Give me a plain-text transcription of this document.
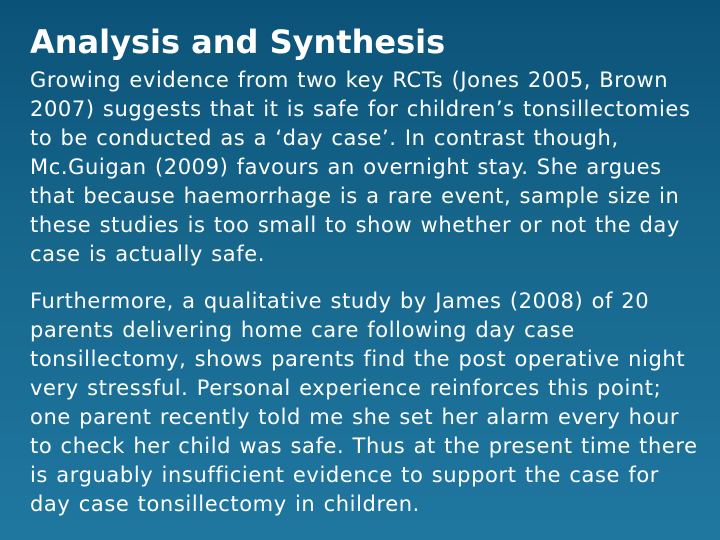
Analysis and Synthesis

Growing evidence from two key RCTs (Jones 2005, Brown 2007) suggests that it is safe for children’s tonsillectomies to be conducted as a ‘day case’. In contrast though, Mc.Guigan (2009) favours an overnight stay. She argues that because haemorrhage is a rare event, sample size in these studies is too small to show whether or not the day case is actually safe.

Furthermore, a qualitative study by James (2008) of 20 parents delivering home care following day case tonsillectomy, shows parents find the post operative night very stressful. Personal experience reinforces this point; one parent recently told me she set her alarm every hour to check her child was safe. Thus at the present time there is arguably insufficient evidence to support the case for day case tonsillectomy in children.
